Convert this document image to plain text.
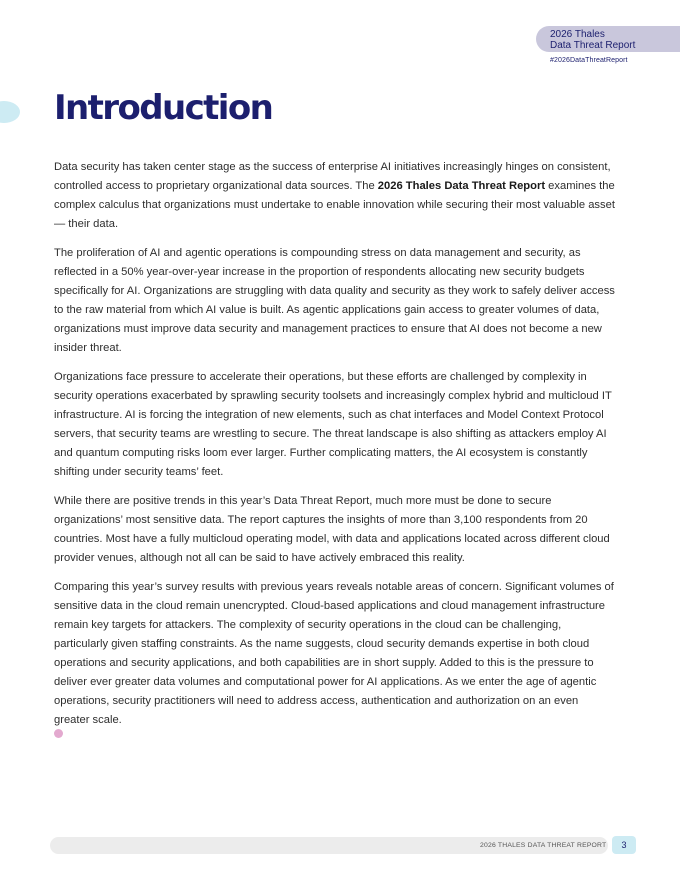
2026 Thales
Data Threat Report
#2026DataThreatReport
Introduction

Data security has taken center stage as the success of enterprise AI initiatives increasingly hinges on consistent, controlled access to proprietary organizational data sources. The 2026 Thales Data Threat Report examines the complex calculus that organizations must undertake to enable innovation while securing their most valuable asset — their data.

The proliferation of AI and agentic operations is compounding stress on data management and security, as reflected in a 50% year-over-year increase in the proportion of respondents allocating new security budgets specifically for AI. Organizations are struggling with data quality and security as they work to safely deliver access to the raw material from which AI value is built. As agentic applications gain access to greater volumes of data, organizations must improve data security and management practices to ensure that AI does not become a new insider threat.

Organizations face pressure to accelerate their operations, but these efforts are challenged by complexity in security operations exacerbated by sprawling security toolsets and increasingly complex hybrid and multicloud IT infrastructure. AI is forcing the integration of new elements, such as chat interfaces and Model Context Protocol servers, that security teams are wrestling to secure. The threat landscape is also shifting as attackers employ AI and quantum computing risks loom ever larger. Further complicating matters, the AI ecosystem is constantly shifting under security teams’ feet.

While there are positive trends in this year’s Data Threat Report, much more must be done to secure organizations’ most sensitive data. The report captures the insights of more than 3,100 respondents from 20 countries. Most have a fully multicloud operating model, with data and applications located across different cloud provider venues, although not all can be said to have actively embraced this reality.

Comparing this year’s survey results with previous years reveals notable areas of concern. Significant volumes of sensitive data in the cloud remain unencrypted. Cloud-based applications and cloud management infrastructure remain key targets for attackers. The complexity of security operations in the cloud can be challenging, particularly given staffing constraints. As the name suggests, cloud security demands expertise in both cloud operations and security applications, and both capabilities are in short supply. Added to this is the pressure to deliver ever greater data volumes and computational power for AI applications. As we enter the age of agentic operations, security practitioners will need to address access, authentication and authorization on an even greater scale.

2026 THALES DATA THREAT REPORT	3
